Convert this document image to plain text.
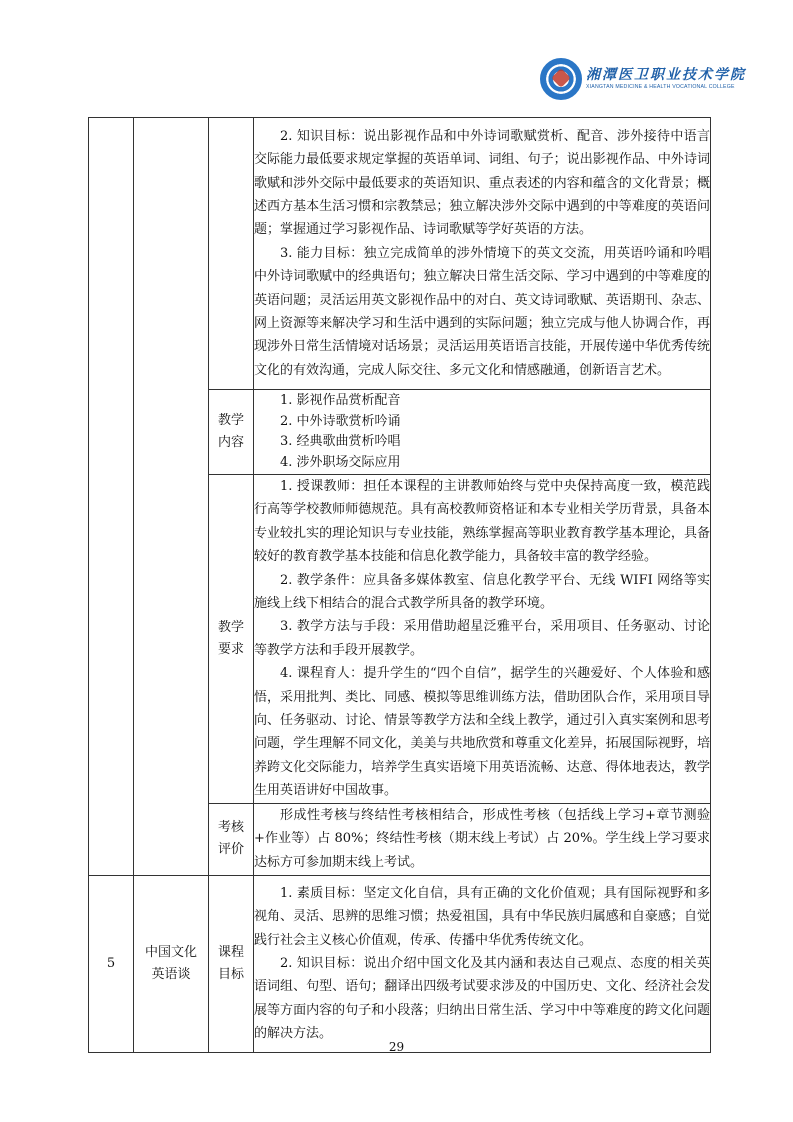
湘潭医卫职业技术学院
XIANGTAN MEDICINE & HEALTH VOCATIONAL COLLEGE

			2. 知识目标：说出影视作品和中外诗词歌赋赏析、配音、涉外接待中语言交际能力最低要求规定掌握的英语单词、词组、句子；说出影视作品、中外诗词歌赋和涉外交际中最低要求的英语知识、重点表述的内容和蕴含的文化背景；概述西方基本生活习惯和宗教禁忌；独立解决涉外交际中遇到的中等难度的英语问题；掌握通过学习影视作品、诗词歌赋等学好英语的方法。

3. 能力目标：独立完成简单的涉外情境下的英文交流，用英语吟诵和吟唱中外诗词歌赋中的经典语句；独立解决日常生活交际、学习中遇到的中等难度的英语问题；灵活运用英文影视作品中的对白、英文诗词歌赋、英语期刊、杂志、网上资源等来解决学习和生活中遇到的实际问题；独立完成与他人协调合作，再现涉外日常生活情境对话场景；灵活运用英语语言技能，开展传递中华优秀传统文化的有效沟通，完成人际交往、多元文化和情感融通，创新语言艺术。

		教学内容	1. 影视作品赏析配音
2. 中外诗歌赏析吟诵
3. 经典歌曲赏析吟唱
4. 涉外职场交际应用

		教学要求	1. 授课教师：担任本课程的主讲教师始终与党中央保持高度一致，模范践行高等学校教师师德规范。具有高校教师资格证和本专业相关学历背景，具备本专业较扎实的理论知识与专业技能，熟练掌握高等职业教育教学基本理论，具备较好的教育教学基本技能和信息化教学能力，具备较丰富的教学经验。

2. 教学条件：应具备多媒体教室、信息化教学平台、无线 WIFI 网络等实施线上线下相结合的混合式教学所具备的教学环境。

3. 教学方法与手段：采用借助超星泛雅平台，采用项目、任务驱动、讨论等教学方法和手段开展教学。

4. 课程育人：提升学生的“四个自信”，据学生的兴趣爱好、个人体验和感悟，采用批判、类比、同感、模拟等思维训练方法，借助团队合作，采用项目导向、任务驱动、讨论、情景等教学方法和全线上教学，通过引入真实案例和思考问题，学生理解不同文化，美美与共地欣赏和尊重文化差异，拓展国际视野，培养跨文化交际能力，培养学生真实语境下用英语流畅、达意、得体地表达，教学生用英语讲好中国故事。

		考核评价	形成性考核与终结性考核相结合，形成性考核（包括线上学习+章节测验+作业等）占 80%；终结性考核（期末线上考试）占 20%。学生线上学习要求达标方可参加期末线上考试。

5	中国文化英语谈	课程目标	1. 素质目标：坚定文化自信，具有正确的文化价值观；具有国际视野和多视角、灵活、思辨的思维习惯；热爱祖国，具有中华民族归属感和自豪感；自觉践行社会主义核心价值观，传承、传播中华优秀传统文化。

2. 知识目标：说出介绍中国文化及其内涵和表达自己观点、态度的相关英语词组、句型、语句；翻译出四级考试要求涉及的中国历史、文化、经济社会发展等方面内容的句子和小段落；归纳出日常生活、学习中中等难度的跨文化问题的解决方法。

29
